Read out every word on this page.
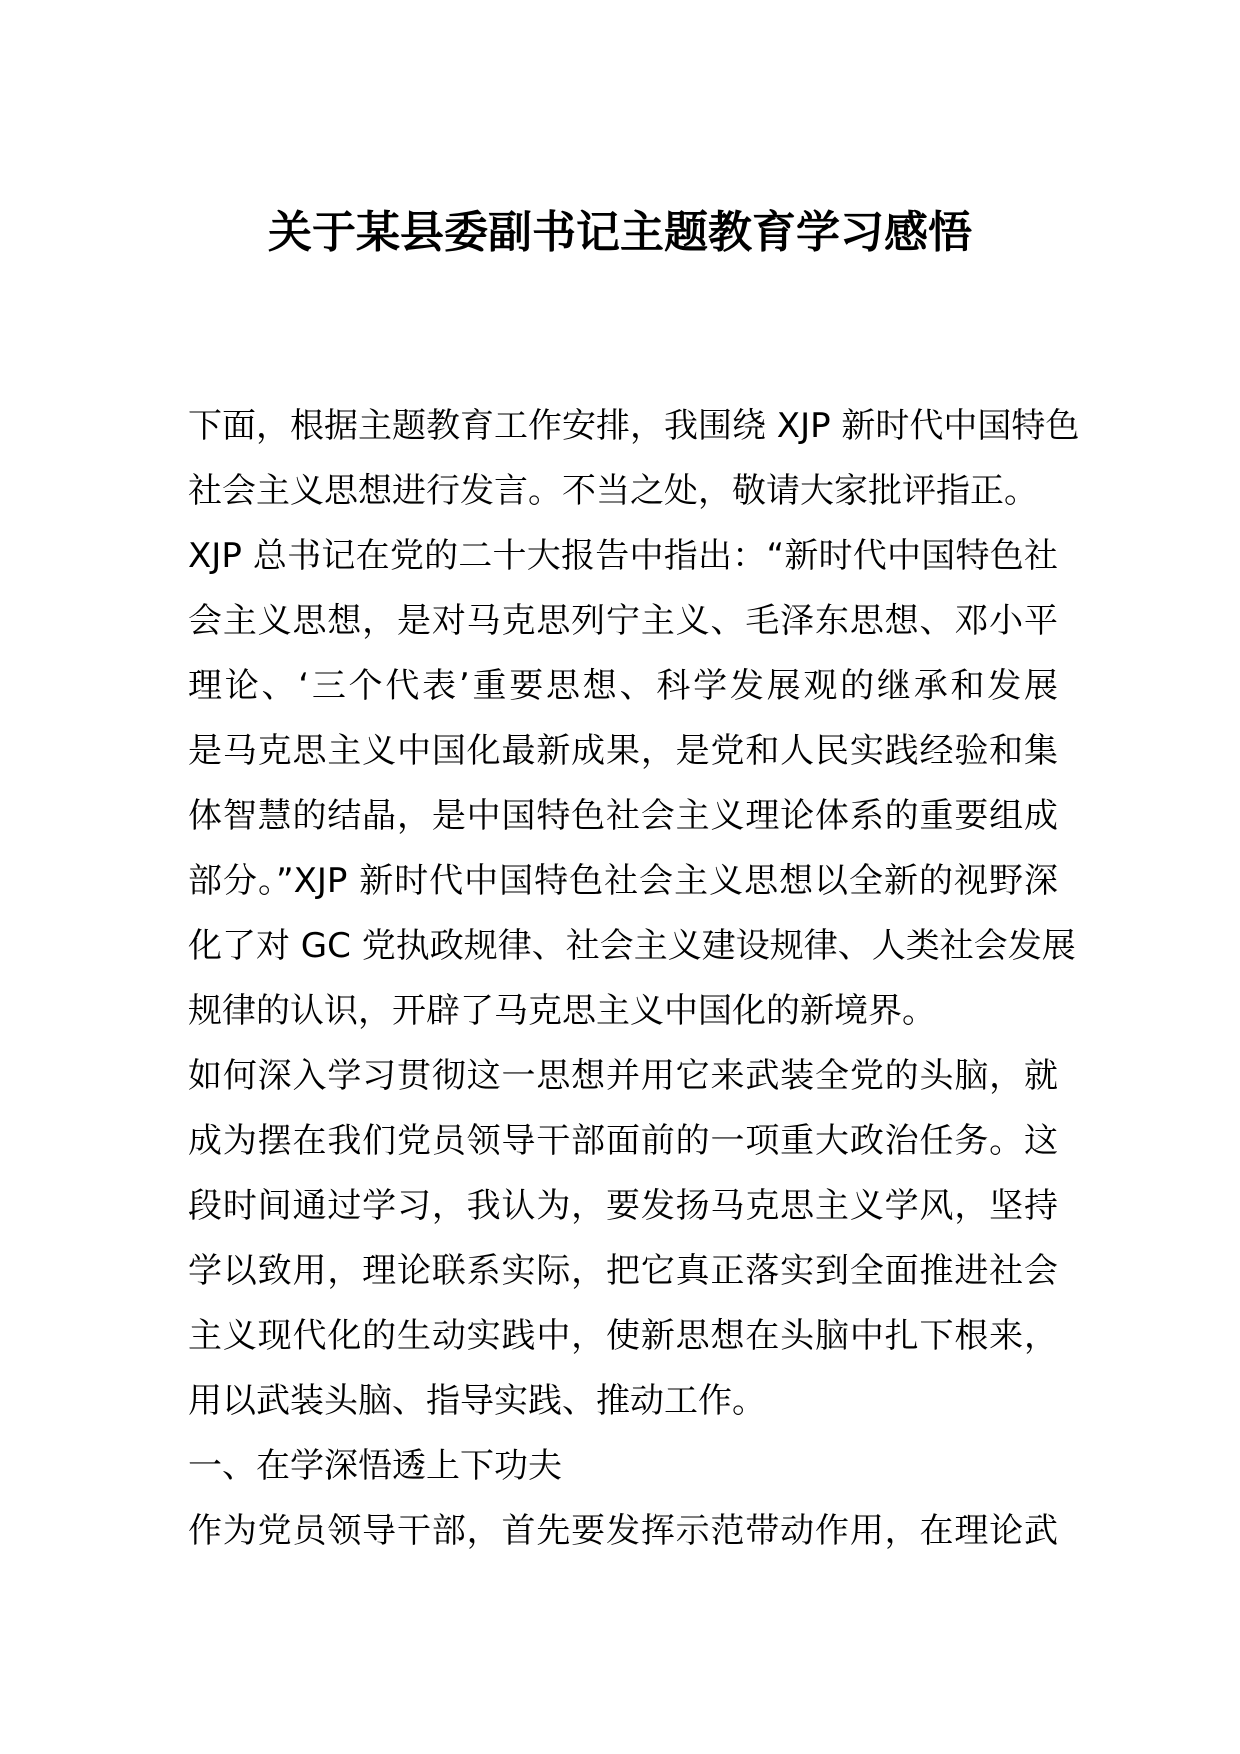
关于某县委副书记主题教育学习感悟
下面，根据主题教育工作安排，我围绕 XJP 新时代中国特色
社会主义思想进行发言。不当之处，敬请大家批评指正。
XJP 总书记在党的二十大报告中指出：“新时代中国特色社
会主义思想，是对马克思列宁主义、毛泽东思想、邓小平
理论、‘三个代表’重要思想、科学发展观的继承和发展
是马克思主义中国化最新成果，是党和人民实践经验和集
体智慧的结晶，是中国特色社会主义理论体系的重要组成
部分。”XJP 新时代中国特色社会主义思想以全新的视野深
化了对 GC 党执政规律、社会主义建设规律、人类社会发展
规律的认识，开辟了马克思主义中国化的新境界。
如何深入学习贯彻这一思想并用它来武装全党的头脑，就
成为摆在我们党员领导干部面前的一项重大政治任务。这
段时间通过学习，我认为，要发扬马克思主义学风，坚持
学以致用，理论联系实际，把它真正落实到全面推进社会
主义现代化的生动实践中，使新思想在头脑中扎下根来，
用以武装头脑、指导实践、推动工作。
一、在学深悟透上下功夫
作为党员领导干部，首先要发挥示范带动作用，在理论武
